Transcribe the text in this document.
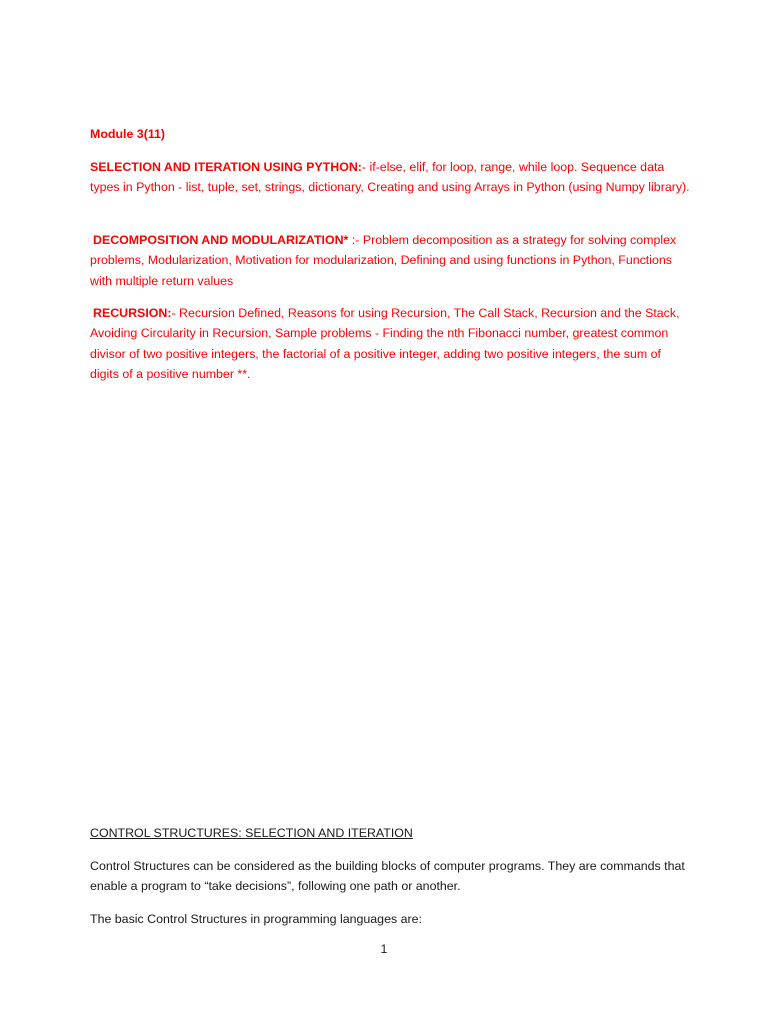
Module 3(11)
SELECTION AND ITERATION USING PYTHON:- if-else, elif, for loop, range, while loop. Sequence data types in Python - list, tuple, set, strings, dictionary, Creating and using Arrays in Python (using Numpy library).
DECOMPOSITION AND MODULARIZATION* :- Problem decomposition as a strategy for solving complex problems, Modularization, Motivation for modularization, Defining and using functions in Python, Functions with multiple return values
RECURSION:- Recursion Defined, Reasons for using Recursion, The Call Stack, Recursion and the Stack, Avoiding Circularity in Recursion, Sample problems - Finding the nth Fibonacci number, greatest common divisor of two positive integers, the factorial of a positive integer, adding two positive integers, the sum of digits of a positive number **.
CONTROL STRUCTURES: SELECTION AND ITERATION
Control Structures can be considered as the building blocks of computer programs. They are commands that enable a program to “take decisions”, following one path or another.
The basic Control Structures in programming languages are:
1
